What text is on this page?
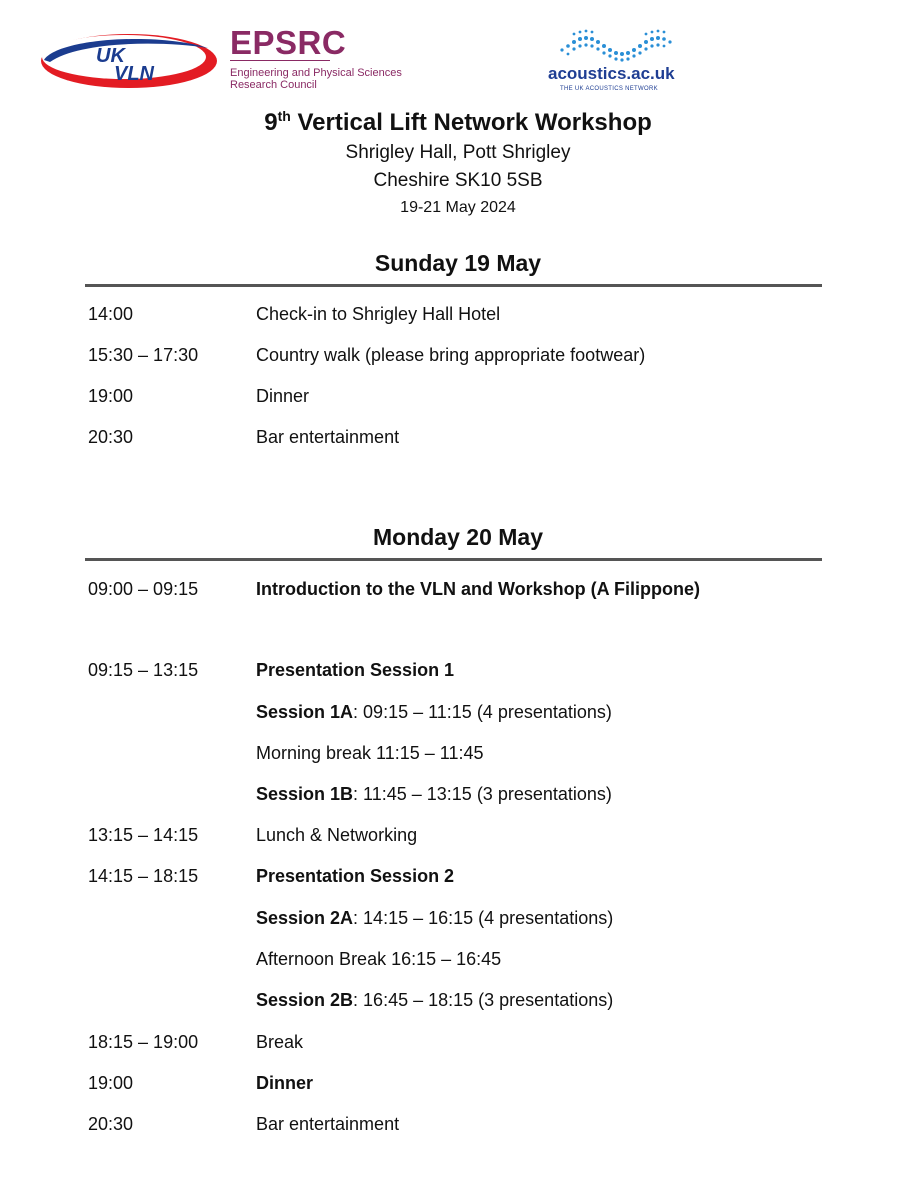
UK
VLN
EPSRC
Engineering and Physical Sciences
Research Council
acoustics.ac.uk
THE UK ACOUSTICS NETWORK

9th Vertical Lift Network Workshop

Shrigley Hall, Pott Shrigley

Cheshire SK10 5SB

19-21 May 2024

Sunday 19 May

14:00	Check-in to Shrigley Hall Hotel
15:30 – 17:30	Country walk (please bring appropriate footwear)
19:00	Dinner
20:30	Bar entertainment

Monday 20 May

09:00 – 09:15	Introduction to the VLN and Workshop (A Filippone)
09:15 – 13:15	Presentation Session 1
Session 1A: 09:15 – 11:15 (4 presentations)
Morning break 11:15 – 11:45
Session 1B: 11:45 – 13:15 (3 presentations)
13:15 – 14:15	Lunch & Networking
14:15 – 18:15	Presentation Session 2
Session 2A: 14:15 – 16:15 (4 presentations)
Afternoon Break 16:15 – 16:45
Session 2B: 16:45 – 18:15 (3 presentations)
18:15 – 19:00	Break
19:00	Dinner
20:30	Bar entertainment
